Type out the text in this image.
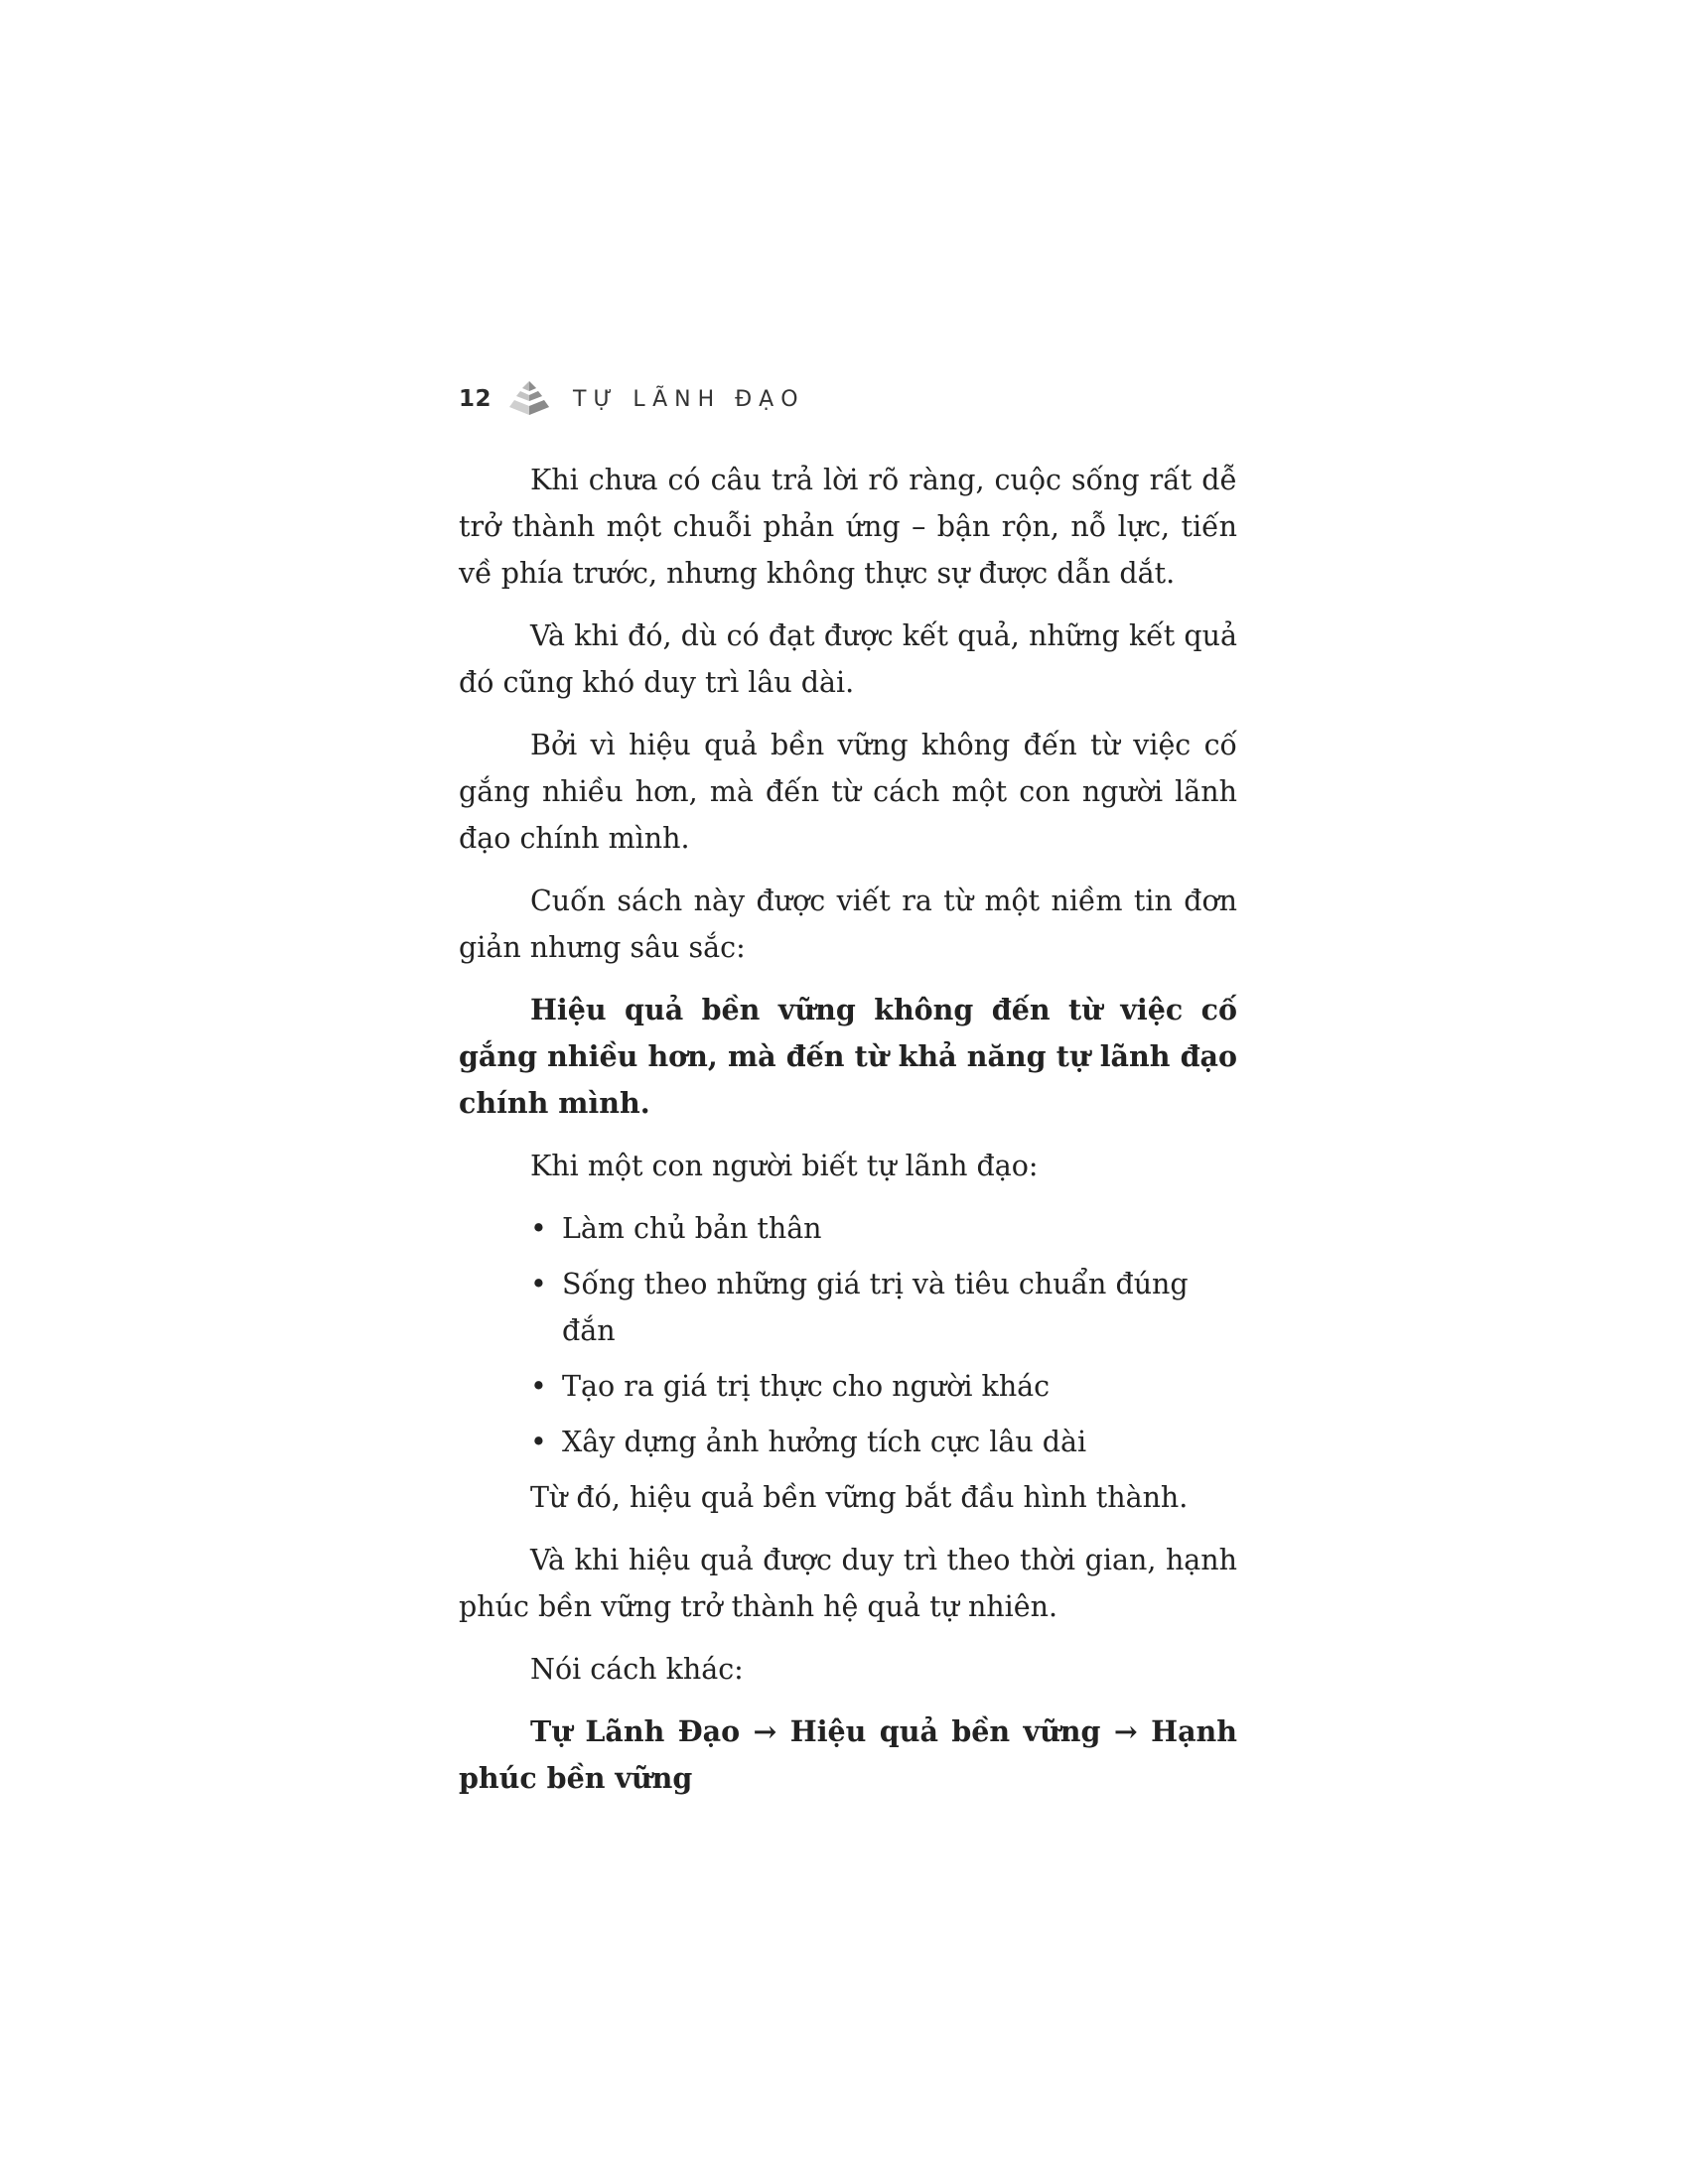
12	TỰ LÃNH ĐẠO

Khi chưa có câu trả lời rõ ràng, cuộc sống rất dễ trở thành một chuỗi phản ứng – bận rộn, nỗ lực, tiến về phía trước, nhưng không thực sự được dẫn dắt.

Và khi đó, dù có đạt được kết quả, những kết quả đó cũng khó duy trì lâu dài.

Bởi vì hiệu quả bền vững không đến từ việc cố gắng nhiều hơn, mà đến từ cách một con người lãnh đạo chính mình.

Cuốn sách này được viết ra từ một niềm tin đơn giản nhưng sâu sắc:

Hiệu quả bền vững không đến từ việc cố gắng nhiều hơn, mà đến từ khả năng tự lãnh đạo chính mình.

Khi một con người biết tự lãnh đạo:

• Làm chủ bản thân
• Sống theo những giá trị và tiêu chuẩn đúng đắn
• Tạo ra giá trị thực cho người khác
• Xây dựng ảnh hưởng tích cực lâu dài

Từ đó, hiệu quả bền vững bắt đầu hình thành.

Và khi hiệu quả được duy trì theo thời gian, hạnh phúc bền vững trở thành hệ quả tự nhiên.

Nói cách khác:

Tự Lãnh Đạo → Hiệu quả bền vững → Hạnh phúc bền vững
